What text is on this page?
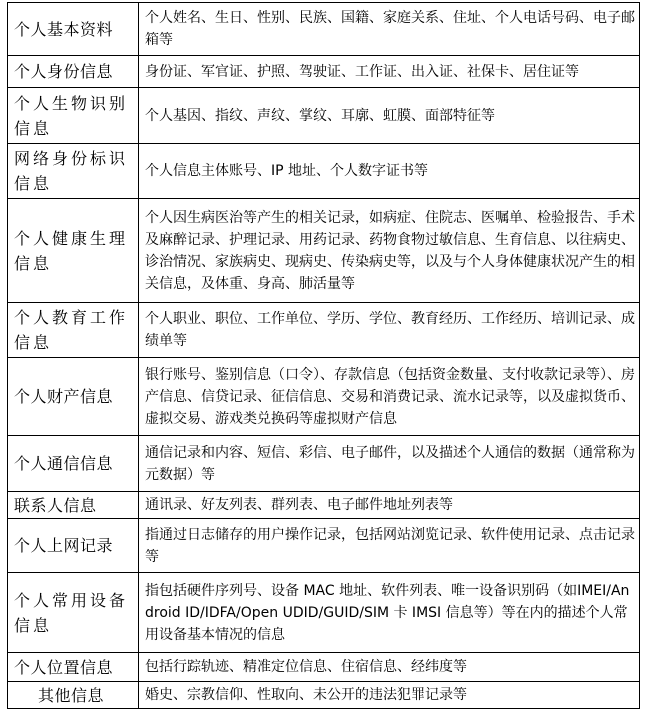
个人基本资料	个人姓名、生日、性别、民族、国籍、家庭关系、住址、个人电话号码、电子邮箱等

个人身份信息	身份证、军官证、护照、驾驶证、工作证、出入证、社保卡、居住证等

个人生物识别信息	个人基因、指纹、声纹、掌纹、耳廓、虹膜、面部特征等

网络身份标识信息	个人信息主体账号、IP 地址、个人数字证书等

个人健康生理信息	个人因生病医治等产生的相关记录，如病症、住院志、医嘱单、检验报告、手术及麻醉记录、护理记录、用药记录、药物食物过敏信息、生育信息、以往病史、诊治情况、家族病史、现病史、传染病史等，以及与个人身体健康状况产生的相关信息，及体重、身高、肺活量等

个人教育工作信息	个人职业、职位、工作单位、学历、学位、教育经历、工作经历、培训记录、成绩单等

个人财产信息	银行账号、鉴别信息（口令）、存款信息（包括资金数量、支付收款记录等）、房产信息、信贷记录、征信信息、交易和消费记录、流水记录等，以及虚拟货币、虚拟交易、游戏类兑换码等虚拟财产信息

个人通信信息	通信记录和内容、短信、彩信、电子邮件，以及描述个人通信的数据（通常称为元数据）等

联系人信息	通讯录、好友列表、群列表、电子邮件地址列表等

个人上网记录	指通过日志储存的用户操作记录，包括网站浏览记录、软件使用记录、点击记录等

个人常用设备信息	指包括硬件序列号、设备 MAC 地址、软件列表、唯一设备识别码（如IMEI/Android ID/IDFA/Open UDID/GUID/SIM 卡 IMSI 信息等）等在内的描述个人常用设备基本情况的信息

个人位置信息	包括行踪轨迹、精准定位信息、住宿信息、经纬度等

其他信息	婚史、宗教信仰、性取向、未公开的违法犯罪记录等
